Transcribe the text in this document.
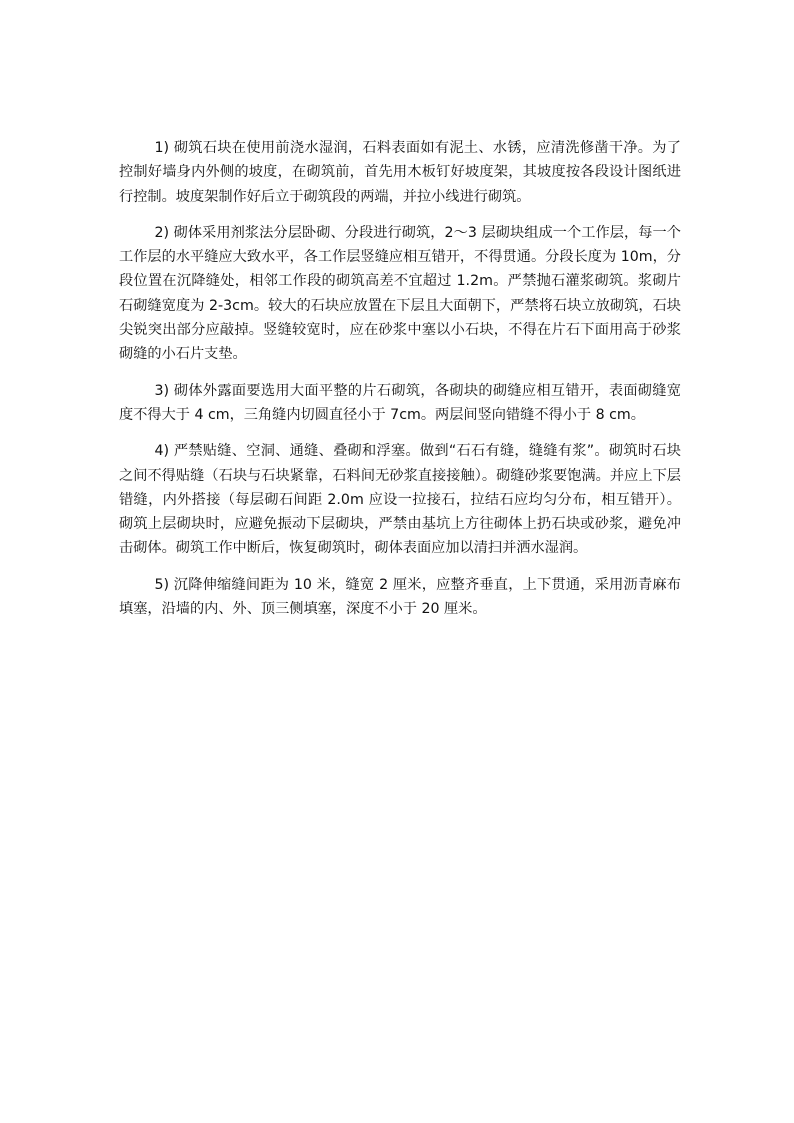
1) 砌筑石块在使用前浇水湿润，石料表面如有泥土、水锈，应清洗修凿干净。为了控制好墙身内外侧的坡度，在砌筑前，首先用木板钉好坡度架，其坡度按各段设计图纸进行控制。坡度架制作好后立于砌筑段的两端，并拉小线进行砌筑。

2) 砌体采用剂浆法分层卧砌、分段进行砌筑，2～3 层砌块组成一个工作层，每一个工作层的水平缝应大致水平，各工作层竖缝应相互错开，不得贯通。分段长度为 10m，分段位置在沉降缝处，相邻工作段的砌筑高差不宜超过 1.2m。严禁抛石灌浆砌筑。浆砌片石砌缝宽度为 2-3cm。较大的石块应放置在下层且大面朝下，严禁将石块立放砌筑，石块尖锐突出部分应敲掉。竖缝较宽时，应在砂浆中塞以小石块，不得在片石下面用高于砂浆砌缝的小石片支垫。

3) 砌体外露面要选用大面平整的片石砌筑，各砌块的砌缝应相互错开，表面砌缝宽度不得大于 4 cm，三角缝内切圆直径小于 7cm。两层间竖向错缝不得小于 8 cm。

4) 严禁贴缝、空洞、通缝、叠砌和浮塞。做到“石石有缝，缝缝有浆”。砌筑时石块之间不得贴缝（石块与石块紧靠，石料间无砂浆直接接触）。砌缝砂浆要饱满。并应上下层错缝，内外搭接（每层砌石间距 2.0m 应设一拉接石，拉结石应均匀分布，相互错开）。砌筑上层砌块时，应避免振动下层砌块，严禁由基坑上方往砌体上扔石块或砂浆，避免冲击砌体。砌筑工作中断后，恢复砌筑时，砌体表面应加以清扫并洒水湿润。

5) 沉降伸缩缝间距为 10 米，缝宽 2 厘米，应整齐垂直，上下贯通，采用沥青麻布填塞，沿墙的内、外、顶三侧填塞，深度不小于 20 厘米。
